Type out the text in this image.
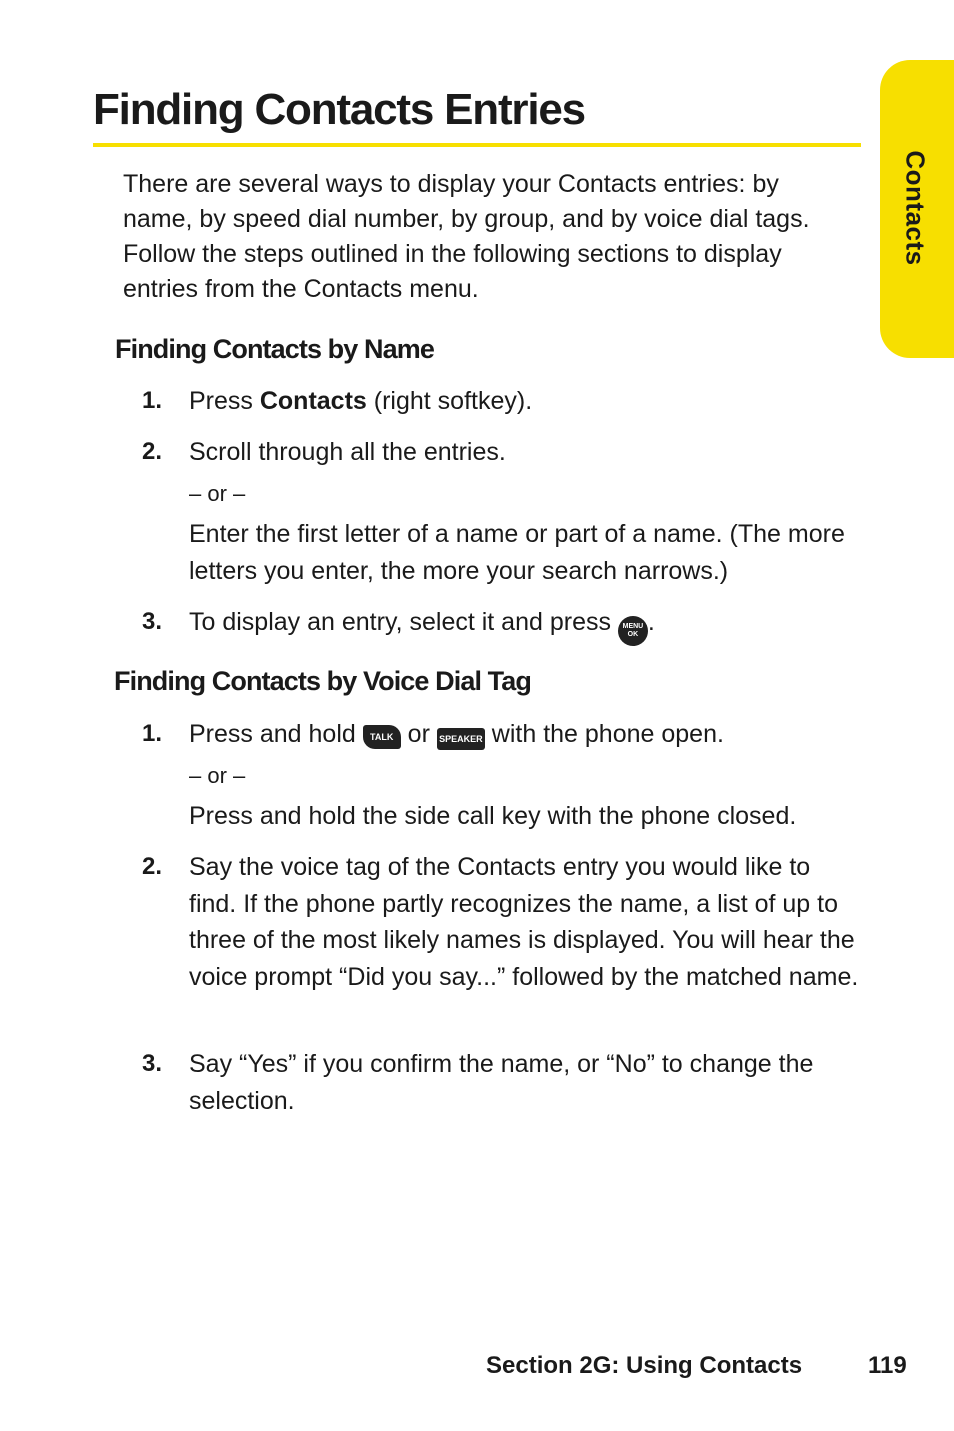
Contacts
Finding Contacts Entries

There are several ways to display your Contacts entries: by name, by speed dial number, by group, and by voice dial tags. Follow the steps outlined in the following sections to display entries from the Contacts menu.

Finding Contacts by Name
1. Press Contacts (right softkey).
2. Scroll through all the entries.
– or –
Enter the first letter of a name or part of a name. (The more letters you enter, the more your search narrows.)
3. To display an entry, select it and press MENU
OK .
Finding Contacts by Voice Dial Tag
1. Press and hold TALK or SPEAKER with the phone open.
– or –
Press and hold the side call key with the phone closed.
2. Say the voice tag of the Contacts entry you would like to find. If the phone partly recognizes the name, a list of up to three of the most likely names is displayed. You will hear the voice prompt “Did you say...” followed by the matched name.
3. Say “Yes” if you confirm the name, or “No” to change the selection.
Section 2G: Using Contacts	119
